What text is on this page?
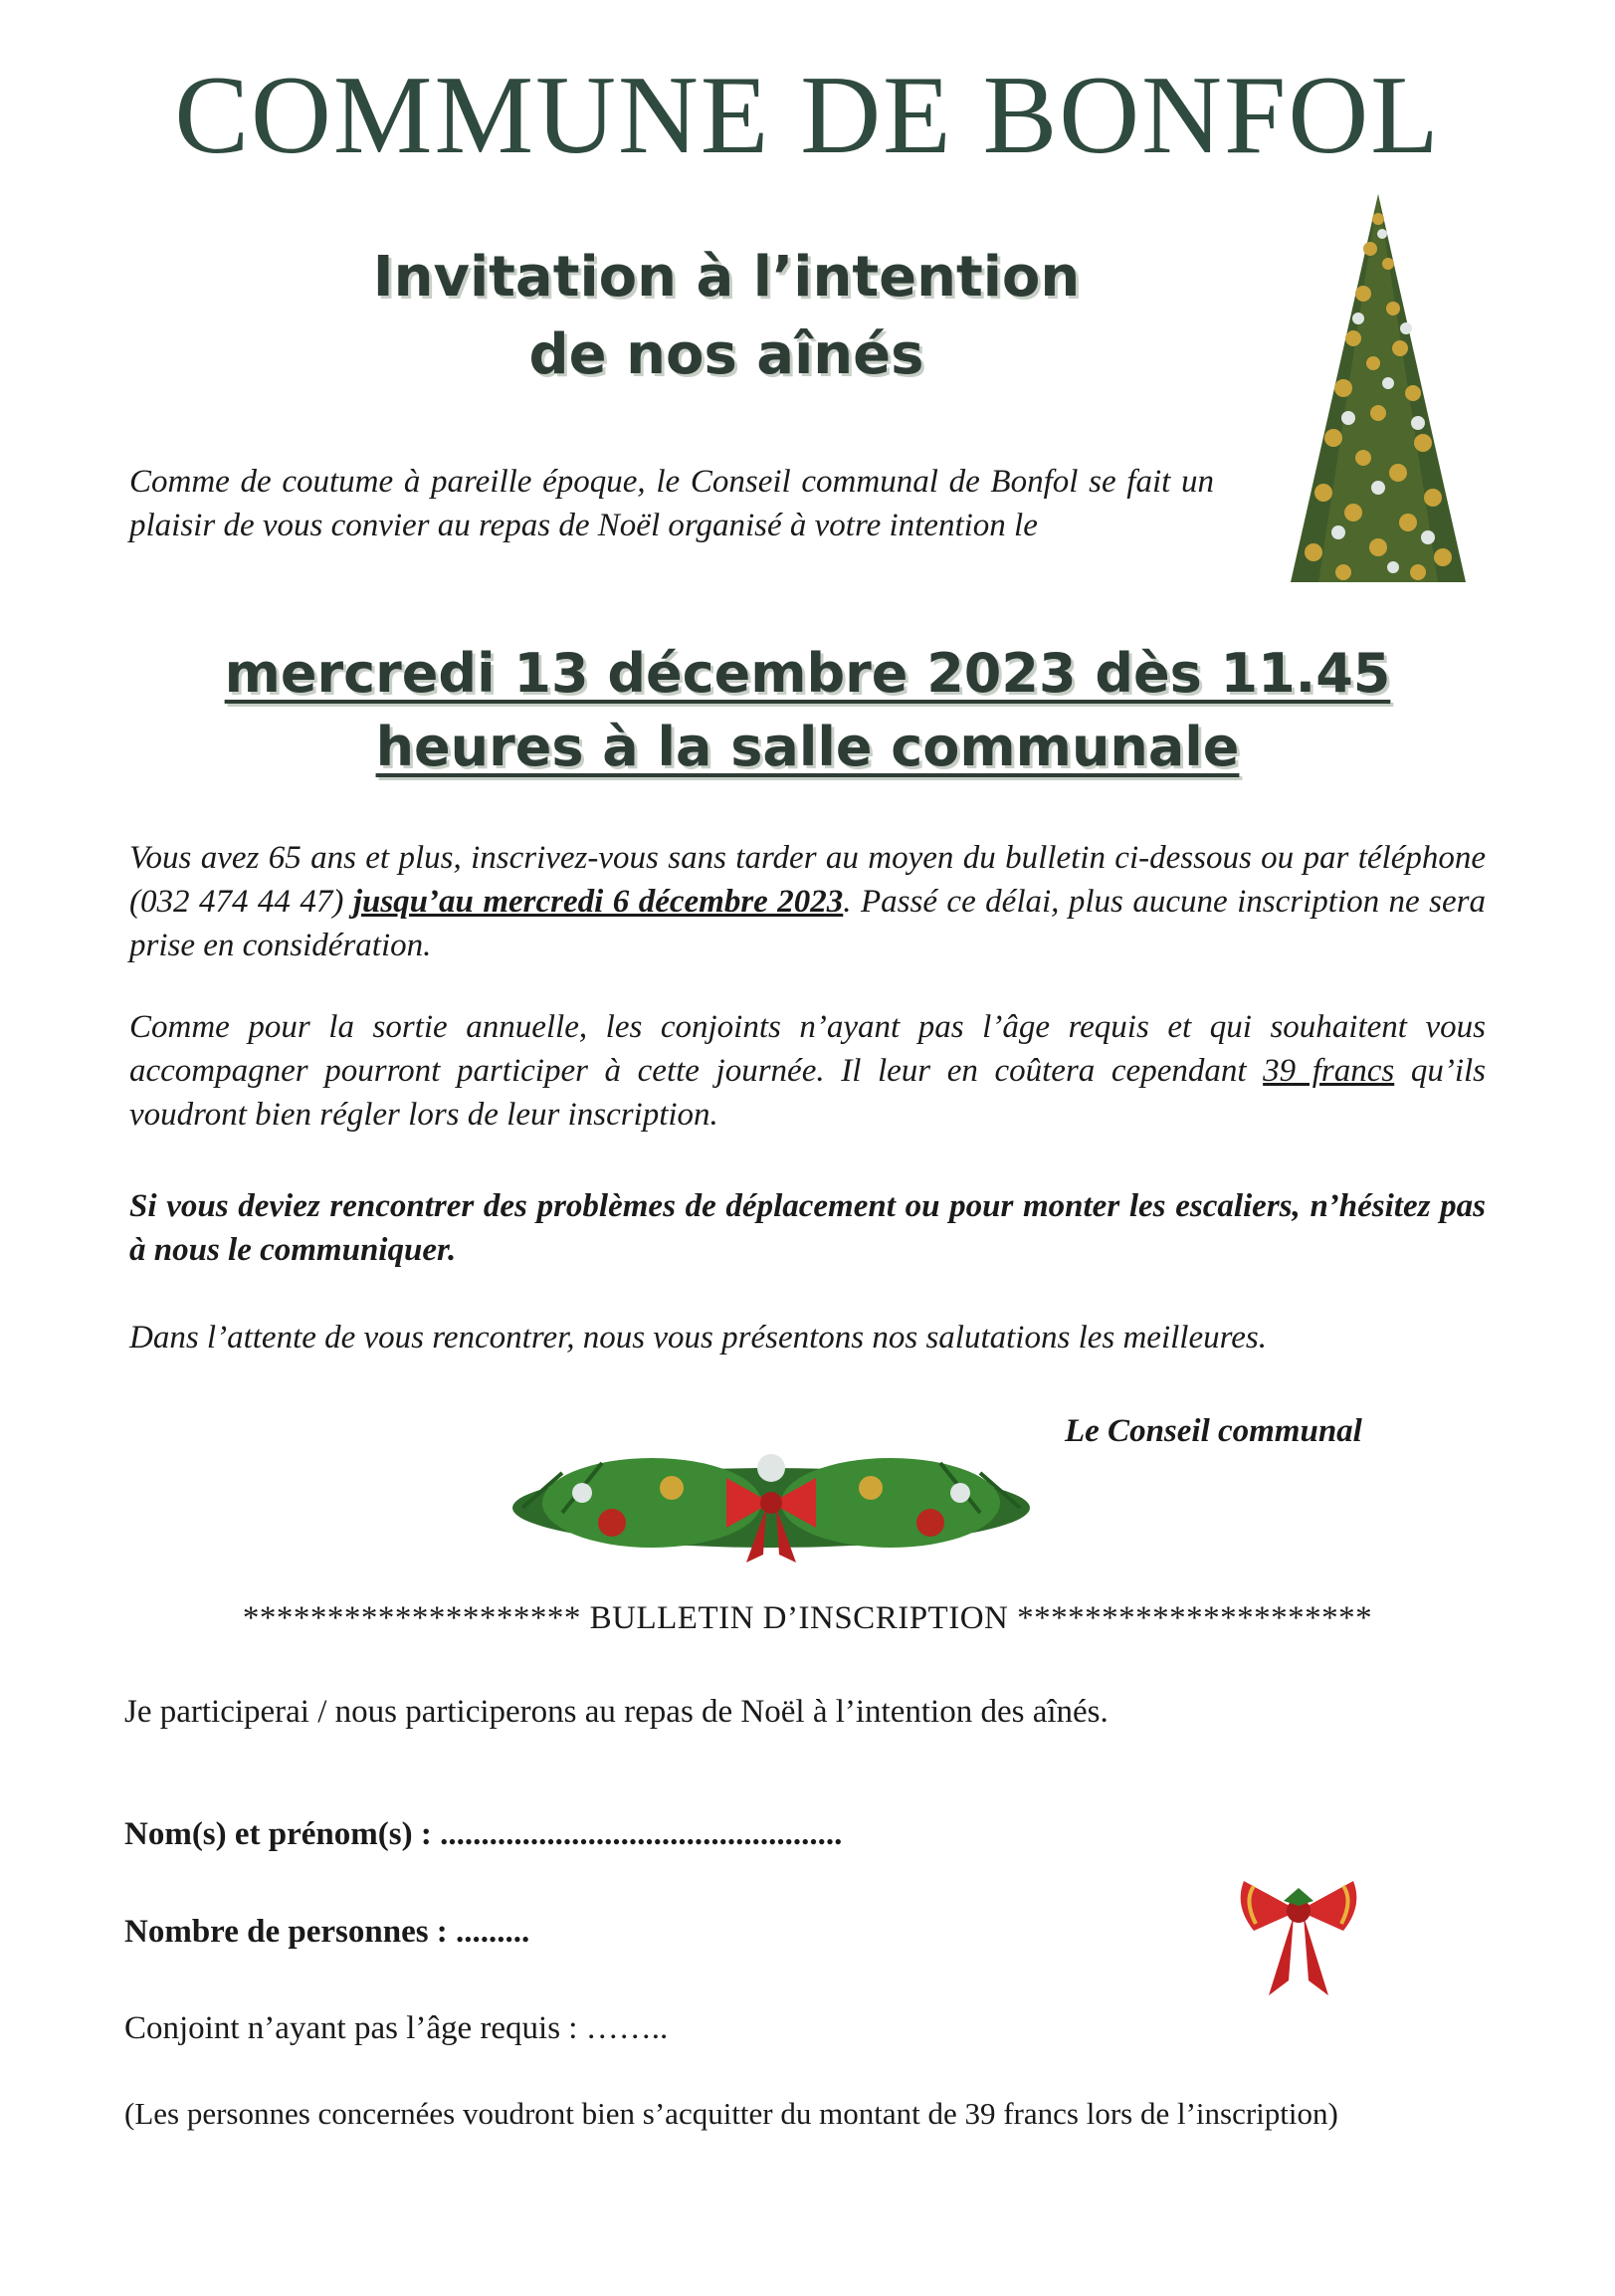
COMMUNE DE BONFOL
Invitation à l’intention
de nos aînés
Comme de coutume à pareille époque, le Conseil communal de Bonfol se fait un plaisir de vous convier au repas de Noël organisé à votre intention le
mercredi 13 décembre 2023 dès 11.45
heures à la salle communale
Vous avez 65 ans et plus, inscrivez-vous sans tarder au moyen du bulletin ci-dessous ou par téléphone (032 474 44 47) jusqu’au mercredi 6 décembre 2023. Passé ce délai, plus aucune inscription ne sera prise en considération.
Comme pour la sortie annuelle, les conjoints n’ayant pas l’âge requis et qui souhaitent vous accompagner pourront participer à cette journée. Il leur en coûtera cependant 39 francs qu’ils voudront bien régler lors de leur inscription.
Si vous deviez rencontrer des problèmes de déplacement ou pour monter les escaliers, n’hésitez pas à nous le communiquer.
Dans l’attente de vous rencontrer, nous vous présentons nos salutations les meilleures.
Le Conseil communal
******************** BULLETIN D’INSCRIPTION *********************
Je participerai / nous participerons au repas de Noël à l’intention des aînés.
Nom(s) et prénom(s) : .................................................
Nombre de personnes : .........
Conjoint n’ayant pas l’âge requis : ……..
(Les personnes concernées voudront bien s’acquitter du montant de 39 francs lors de l’inscription)
